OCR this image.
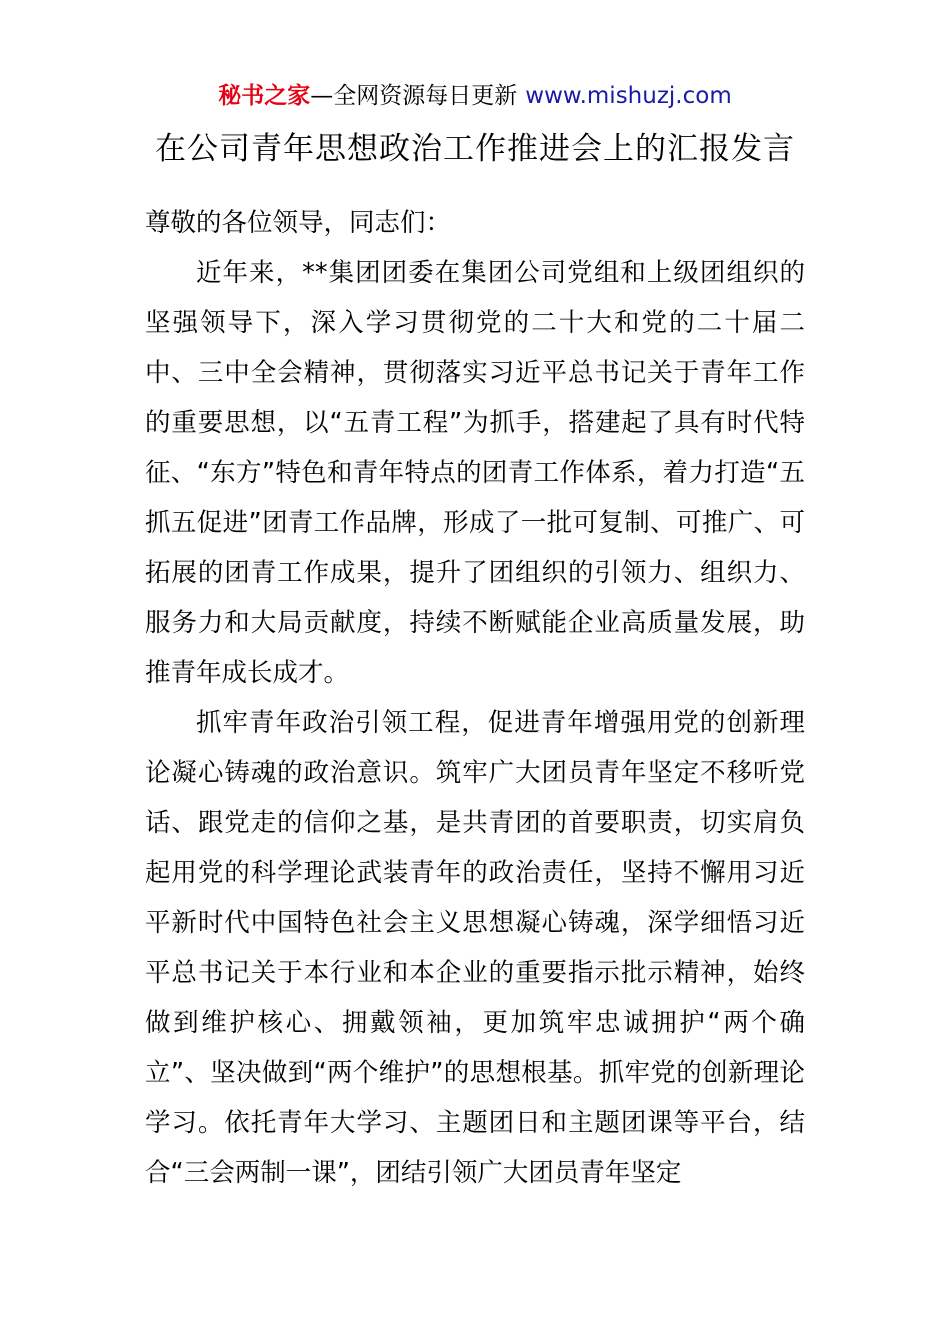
秘书之家—全网资源每日更新 www.mishuzj.com
在公司青年思想政治工作推进会上的汇报发言

尊敬的各位领导，同志们：

近年来，**集团团委在集团公司党组和上级团组织的坚强领导下，深入学习贯彻党的二十大和党的二十届二中、三中全会精神，贯彻落实习近平总书记关于青年工作的重要思想，以“五青工程”为抓手，搭建起了具有时代特征、“东方”特色和青年特点的团青工作体系，着力打造“五抓五促进”团青工作品牌，形成了一批可复制、可推广、可拓展的团青工作成果，提升了团组织的引领力、组织力、服务力和大局贡献度，持续不断赋能企业高质量发展，助推青年成长成才。

抓牢青年政治引领工程，促进青年增强用党的创新理论凝心铸魂的政治意识。筑牢广大团员青年坚定不移听党话、跟党走的信仰之基，是共青团的首要职责，切实肩负起用党的科学理论武装青年的政治责任，坚持不懈用习近平新时代中国特色社会主义思想凝心铸魂，深学细悟习近平总书记关于本行业和本企业的重要指示批示精神，始终做到维护核心、拥戴领袖，更加筑牢忠诚拥护“两个确立”、坚决做到“两个维护”的思想根基。抓牢党的创新理论学习。依托青年大学习、主题团日和主题团课等平台，结合“三会两制一课”，团结引领广大团员青年坚定
